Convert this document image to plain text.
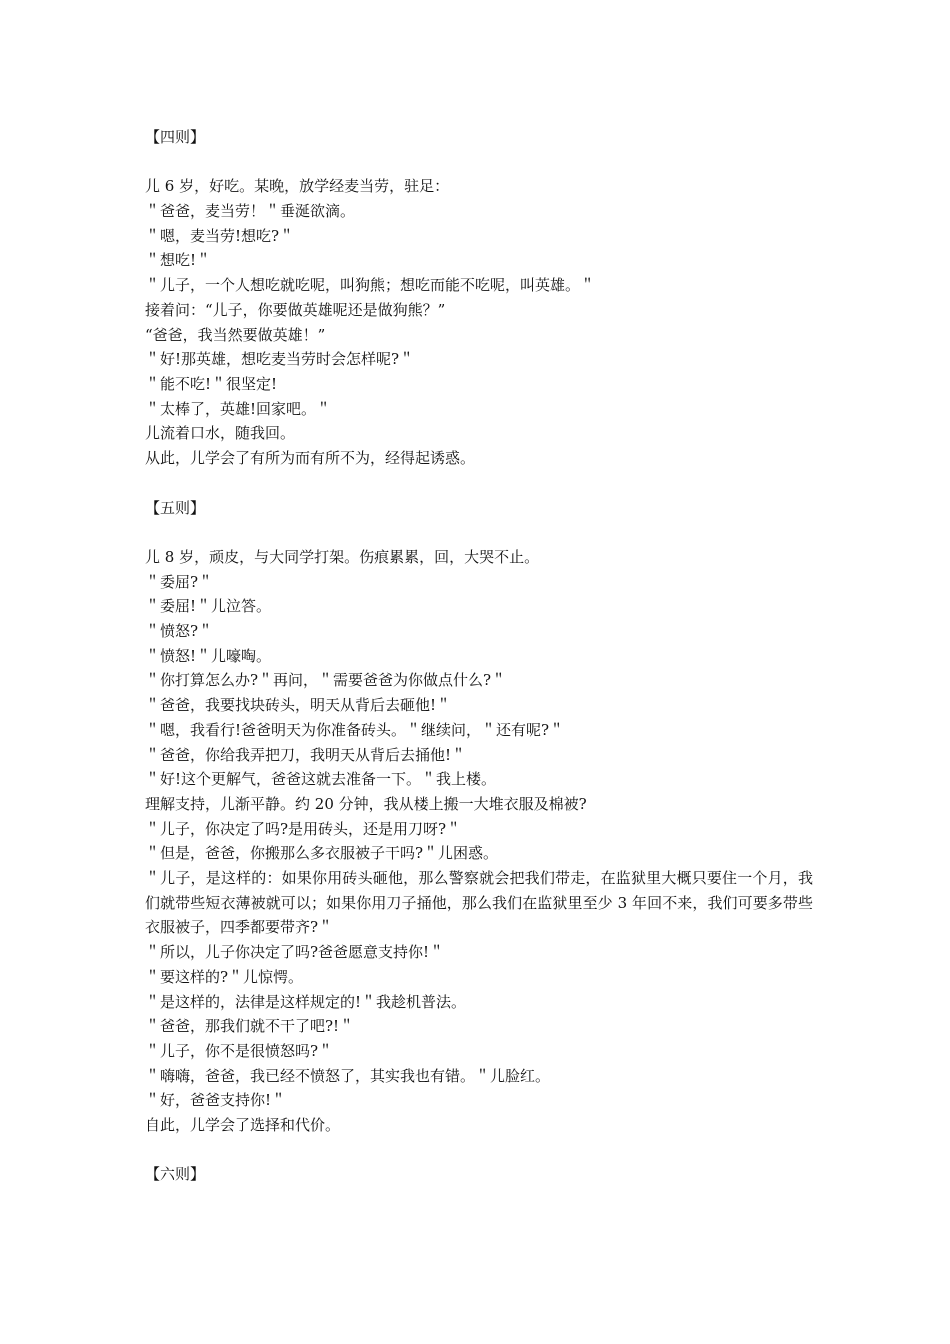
【四则】

儿 6 岁，好吃。某晚，放学经麦当劳，驻足：

＂爸爸，麦当劳！＂垂涎欲滴。

＂嗯，麦当劳!想吃?＂

＂想吃!＂

＂儿子，一个人想吃就吃呢，叫狗熊；想吃而能不吃呢，叫英雄。＂

接着问：“儿子，你要做英雄呢还是做狗熊？”

“爸爸，我当然要做英雄！”

＂好!那英雄，想吃麦当劳时会怎样呢?＂

＂能不吃!＂很坚定!

＂太棒了，英雄!回家吧。＂

儿流着口水，随我回。

从此，儿学会了有所为而有所不为，经得起诱惑。

【五则】

儿 8 岁，顽皮，与大同学打架。伤痕累累，回，大哭不止。

＂委屈?＂

＂委屈!＂儿泣答。

＂愤怒?＂

＂愤怒!＂儿嚎啕。

＂你打算怎么办?＂再问，＂需要爸爸为你做点什么?＂

＂爸爸，我要找块砖头，明天从背后去砸他!＂

＂嗯，我看行!爸爸明天为你准备砖头。＂继续问，＂还有呢?＂

＂爸爸，你给我弄把刀，我明天从背后去捅他!＂

＂好!这个更解气，爸爸这就去准备一下。＂我上楼。

理解支持，儿渐平静。约 20 分钟，我从楼上搬一大堆衣服及棉被?

＂儿子，你决定了吗?是用砖头，还是用刀呀?＂

＂但是，爸爸，你搬那么多衣服被子干吗?＂儿困惑。

＂儿子，是这样的：如果你用砖头砸他，那么警察就会把我们带走，在监狱里大概只要住一个月，我们就带些短衣薄被就可以；如果你用刀子捅他，那么我们在监狱里至少 3 年回不来，我们可要多带些衣服被子，四季都要带齐?＂

＂所以，儿子你决定了吗?爸爸愿意支持你!＂

＂要这样的?＂儿惊愕。

＂是这样的，法律是这样规定的!＂我趁机普法。

＂爸爸，那我们就不干了吧?!＂

＂儿子，你不是很愤怒吗?＂

＂嗨嗨，爸爸，我已经不愤怒了，其实我也有错。＂儿脸红。

＂好，爸爸支持你!＂

自此，儿学会了选择和代价。

【六则】
